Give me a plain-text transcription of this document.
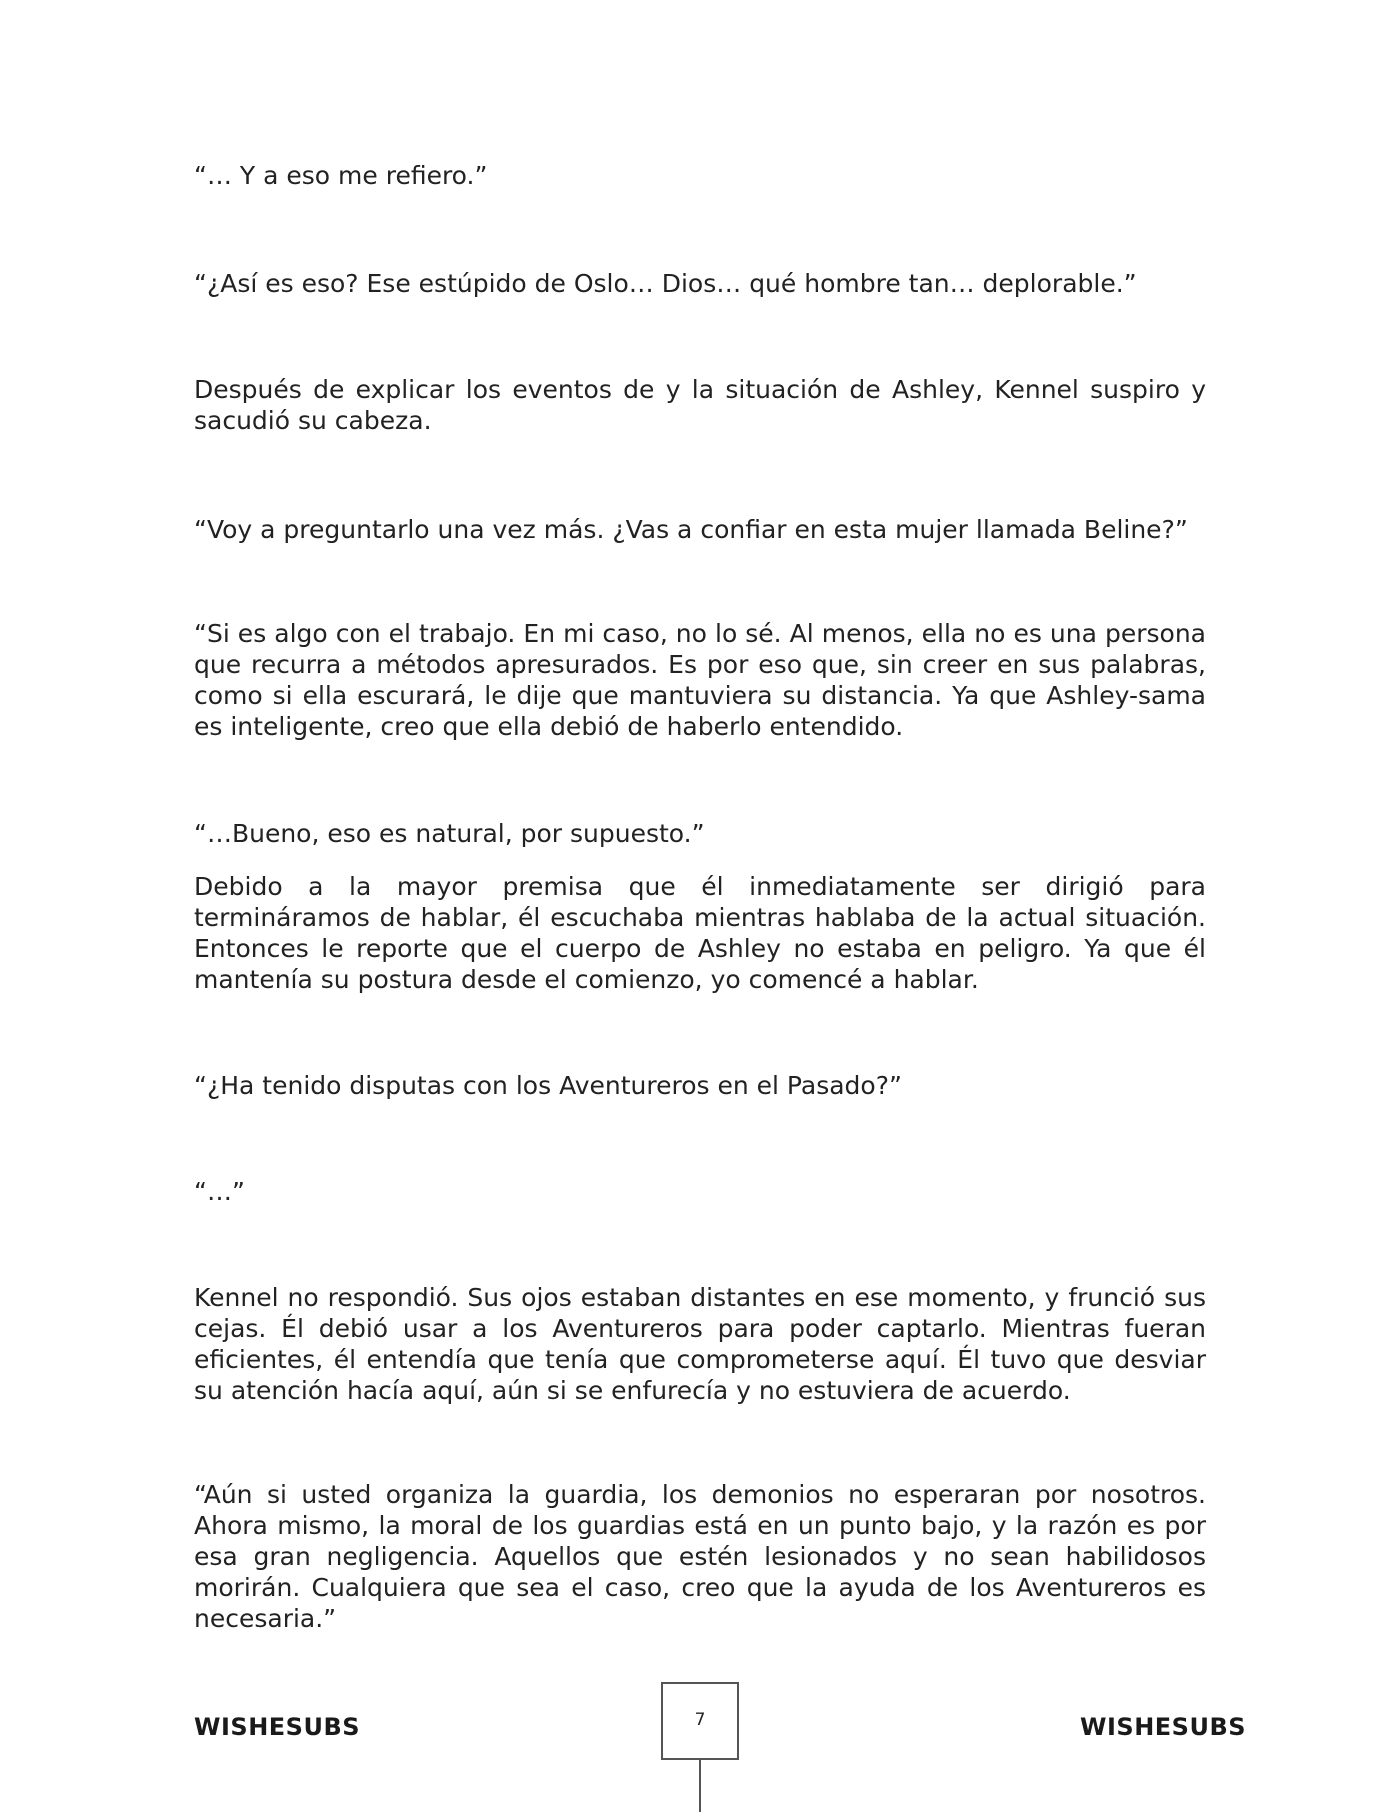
“… Y a eso me refiero.”

“¿Así es eso? Ese estúpido de Oslo… Dios… qué hombre tan… deplorable.”

Después de explicar los eventos de y la situación de Ashley, Kennel suspiro y sacudió su cabeza.

“Voy a preguntarlo una vez más. ¿Vas a confiar en esta mujer llamada Beline?”

“Si es algo con el trabajo. En mi caso, no lo sé. Al menos, ella no es una persona que recurra a métodos apresurados. Es por eso que, sin creer en sus palabras, como si ella escurará, le dije que mantuviera su distancia. Ya que Ashley-sama es inteligente, creo que ella debió de haberlo entendido.

“…Bueno, eso es natural, por supuesto.”

Debido a la mayor premisa que él inmediatamente ser dirigió para termináramos de hablar, él escuchaba mientras hablaba de la actual situación. Entonces le reporte que el cuerpo de Ashley no estaba en peligro. Ya que él mantenía su postura desde el comienzo, yo comencé a hablar.

“¿Ha tenido disputas con los Aventureros en el Pasado?”

“…”

Kennel no respondió. Sus ojos estaban distantes en ese momento, y frunció sus cejas. Él debió usar a los Aventureros para poder captarlo. Mientras fueran eficientes, él entendía que tenía que comprometerse aquí. Él tuvo que desviar su atención hacía aquí, aún si se enfurecía y no estuviera de acuerdo.

“Aún si usted organiza la guardia, los demonios no esperaran por nosotros. Ahora mismo, la moral de los guardias está en un punto bajo, y la razón es por esa gran negligencia. Aquellos que estén lesionados y no sean habilidosos morirán. Cualquiera que sea el caso, creo que la ayuda de los Aventureros es necesaria.”

WISHESUBS	7	WISHESUBS
